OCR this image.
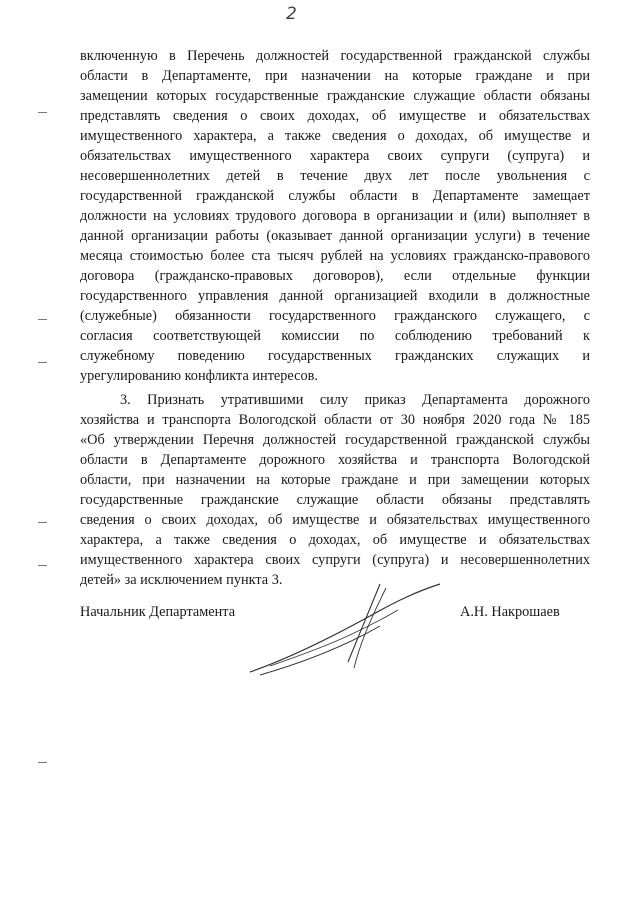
2
включенную в Перечень должностей государственной гражданской службы
области в Департаменте, при назначении на которые граждане и при
замещении которых государственные гражданские служащие области обязаны
представлять сведения о своих доходах, об имуществе и обязательствах
имущественного характера, а также сведения о доходах, об имуществе и
обязательствах имущественного характера своих супруги (супруга) и
несовершеннолетних детей в течение двух лет после увольнения с
государственной гражданской службы области в Департаменте замещает
должности на условиях трудового договора в организации и (или) выполняет в
данной организации работы (оказывает данной организации услуги) в течение
месяца стоимостью более ста тысяч рублей на условиях гражданско-правового
договора (гражданско-правовых договоров), если отдельные функции
государственного управления данной организацией входили в должностные
(служебные) обязанности государственного гражданского служащего, с
согласия соответствующей комиссии по соблюдению требований к
служебному поведению государственных гражданских служащих и
урегулированию конфликта интересов.
3. Признать утратившими силу приказ Департамента дорожного
хозяйства и транспорта Вологодской области от 30 ноября 2020 года № 185
«Об утверждении Перечня должностей государственной гражданской службы
области в Департаменте дорожного хозяйства и транспорта Вологодской
области, при назначении на которые граждане и при замещении которых
государственные гражданские служащие области обязаны представлять
сведения о своих доходах, об имуществе и обязательствах имущественного
характера, а также сведения о доходах, об имуществе и обязательствах
имущественного характера своих супруги (супруга) и несовершеннолетних
детей» за исключением пункта 3.
Начальник Департамента	А.Н. Накрошаев
